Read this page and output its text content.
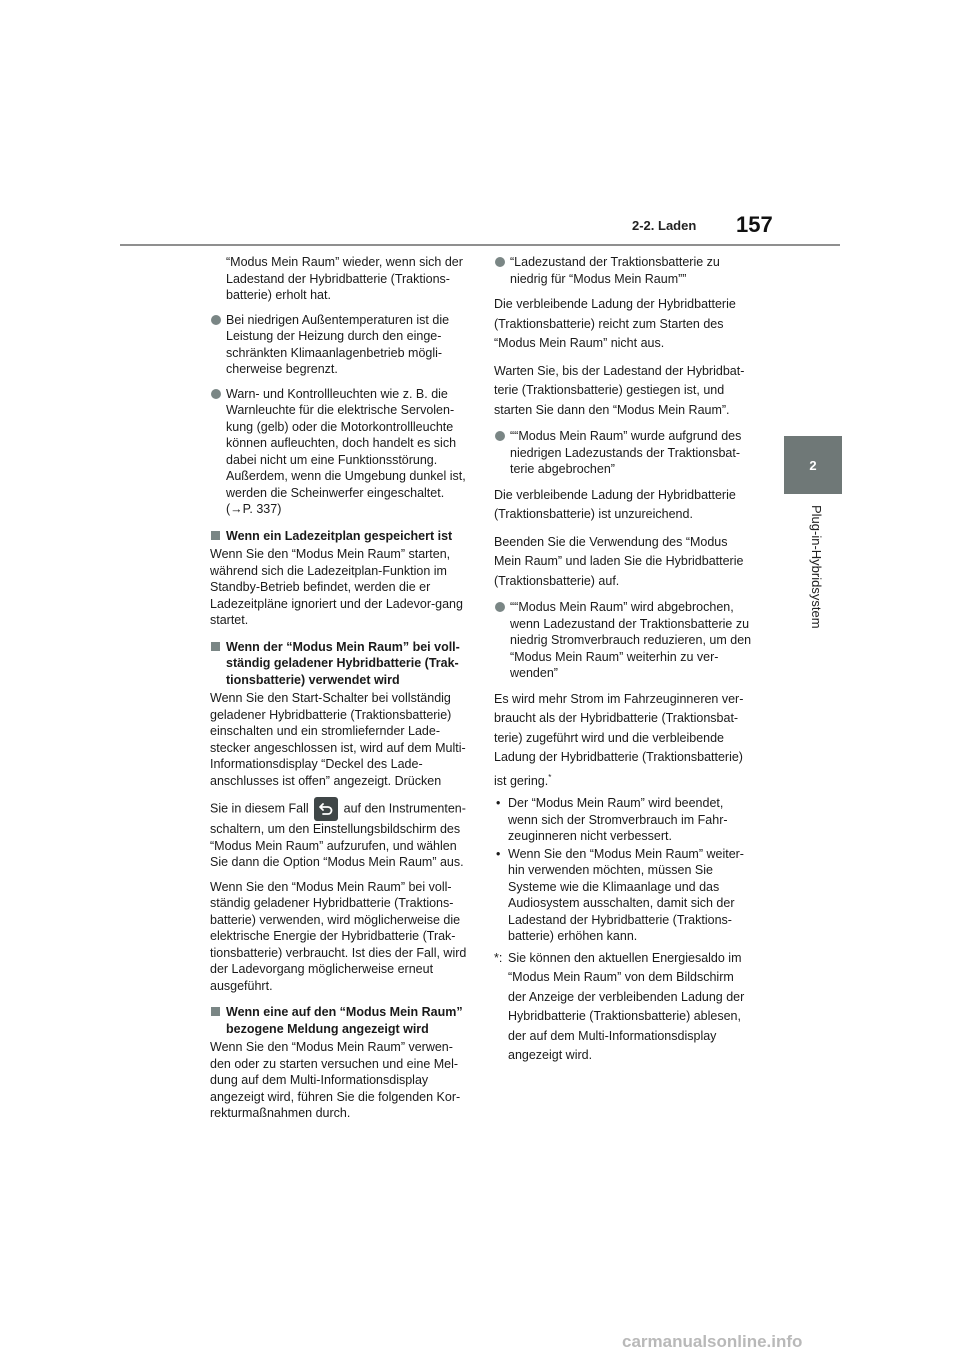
2-2. Laden 157
2
Plug-in-Hybridsystem

“Modus Mein Raum” wieder, wenn sich der Ladestand der Hybridbatterie (Traktions-batterie) erholt hat.

Bei niedrigen Außentemperaturen ist die Leistung der Heizung durch den einge-schränkten Klimaanlagenbetrieb mögli-cherweise begrenzt.
Warn- und Kontrollleuchten wie z. B. die Warnleuchte für die elektrische Servolen-kung (gelb) oder die Motorkontrollleuchte können aufleuchten, doch handelt es sich dabei nicht um eine Funktionsstörung. Außerdem, wenn die Umgebung dunkel ist, werden die Scheinwerfer eingeschaltet. (→P. 337)
Wenn ein Ladezeitplan gespeichert ist

Wenn Sie den “Modus Mein Raum” starten, während sich die Ladezeitplan-Funktion im Standby-Betrieb befindet, werden die er Ladezeitpläne ignoriert und der Ladevor-gang startet.

Wenn der “Modus Mein Raum” bei voll-ständig geladener Hybridbatterie (Trak-tionsbatterie) verwendet wird

Wenn Sie den Start-Schalter bei vollständig geladener Hybridbatterie (Traktionsbatterie) einschalten und ein stromliefernder Lade-stecker angeschlossen ist, wird auf dem Multi-Informationsdisplay “Deckel des Lade-anschlusses ist offen” angezeigt. Drücken

Sie in diesem Fall	auf den Instrumenten-schaltern, um den Einstellungsbildschirm des “Modus Mein Raum” aufzurufen, und wählen Sie dann die Option “Modus Mein Raum” aus.

Wenn Sie den “Modus Mein Raum” bei voll-ständig geladener Hybridbatterie (Traktions-batterie) verwenden, wird möglicherweise die elektrische Energie der Hybridbatterie (Trak-tionsbatterie) verbraucht. Ist dies der Fall, wird der Ladevorgang möglicherweise erneut ausgeführt.

Wenn eine auf den “Modus Mein Raum” bezogene Meldung angezeigt wird

Wenn Sie den “Modus Mein Raum” verwen-den oder zu starten versuchen und eine Mel-dung auf dem Multi-Informationsdisplay angezeigt wird, führen Sie die folgenden Kor-rekturmaßnahmen durch.

“Ladezustand der Traktionsbatterie zu niedrig für “Modus Mein Raum””

Die verbleibende Ladung der Hybridbatterie (Traktionsbatterie) reicht zum Starten des “Modus Mein Raum” nicht aus.

Warten Sie, bis der Ladestand der Hybridbat-terie (Traktionsbatterie) gestiegen ist, und starten Sie dann den “Modus Mein Raum”.

““Modus Mein Raum” wurde aufgrund des niedrigen Ladezustands der Traktionsbat-terie abgebrochen”

Die verbleibende Ladung der Hybridbatterie (Traktionsbatterie) ist unzureichend.

Beenden Sie die Verwendung des “Modus Mein Raum” und laden Sie die Hybridbatterie (Traktionsbatterie) auf.

““Modus Mein Raum” wird abgebrochen, wenn Ladezustand der Traktionsbatterie zu niedrig Stromverbrauch reduzieren, um den “Modus Mein Raum” weiterhin zu ver-wenden”

Es wird mehr Strom im Fahrzeuginneren ver-braucht als der Hybridbatterie (Traktionsbat-terie) zugeführt wird und die verbleibende Ladung der Hybridbatterie (Traktionsbatterie) ist gering.*

• Der “Modus Mein Raum” wird beendet, wenn sich der Stromverbrauch im Fahr-zeuginneren nicht verbessert.
• Wenn Sie den “Modus Mein Raum” weiter-hin verwenden möchten, müssen Sie Systeme wie die Klimaanlage und das Audiosystem ausschalten, damit sich der Ladestand der Hybridbatterie (Traktions-batterie) erhöhen kann.
*: Sie können den aktuellen Energiesaldo im “Modus Mein Raum” von dem Bildschirm der Anzeige der verbleibenden Ladung der Hybridbatterie (Traktionsbatterie) ablesen, der auf dem Multi-Informationsdisplay angezeigt wird.
carmanualsonline.info
